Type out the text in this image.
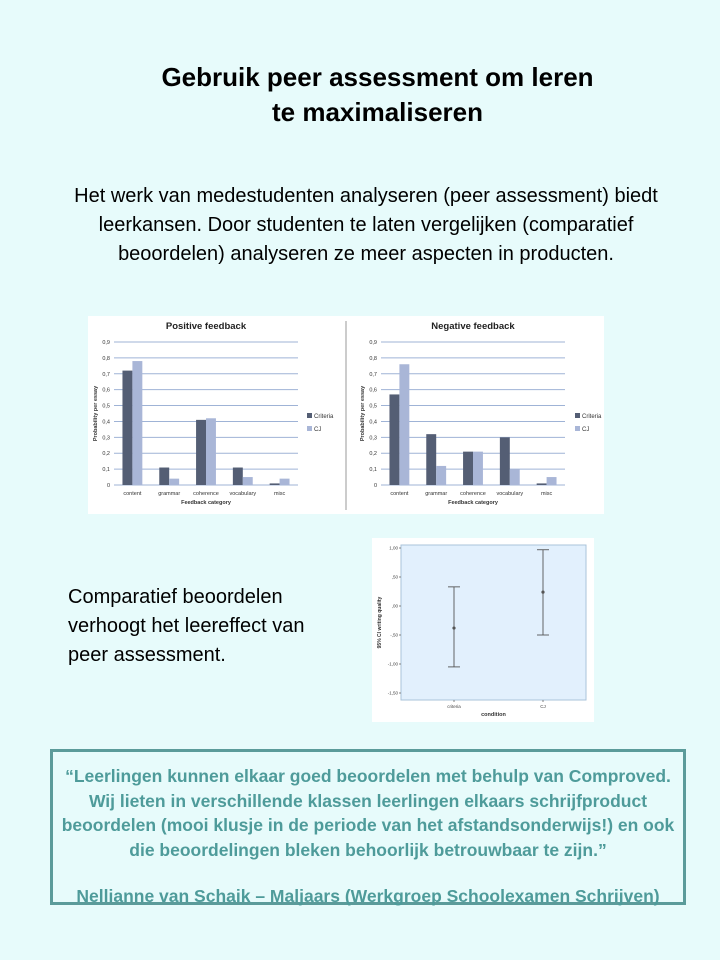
Gebruik peer assessment om leren
te maximaliseren
Het werk van medestudenten analyseren (peer assessment) biedt leerkansen. Door studenten te laten vergelijken (comparatief beoordelen) analyseren ze meer aspecten in producten.
Positive feedback
0
0,1
0,2
0,3
0,4
0,5
0,6
0,7
0,8
0,9
Probability per essay
content	grammar coherence vocabulary	misc
Feedback category
Criteria
CJ
Negative feedback
0
0,1
0,2
0,3
0,4
0,5
0,6
0,7
0,8
0,9
Probability per essay
content	grammar coherence vocabulary	misc
Feedback category
Criteria
CJ
Comparatief beoordelen verhoogt het leereffect van peer assessment.
1,00
,50
,00
-,50
-1,00
-1,50
95% CI writing quality
criteria	CJ
condition
“Leerlingen kunnen elkaar goed beoordelen met behulp van Comproved. Wij lieten in verschillende klassen leerlingen elkaars schrijfproduct beoordelen (mooi klusje in de periode van het afstandsonderwijs!) en ook die beoordelingen bleken behoorlijk betrouwbaar te zijn.”
Nellianne van Schaik – Maljaars (Werkgroep Schoolexamen Schrijven)
